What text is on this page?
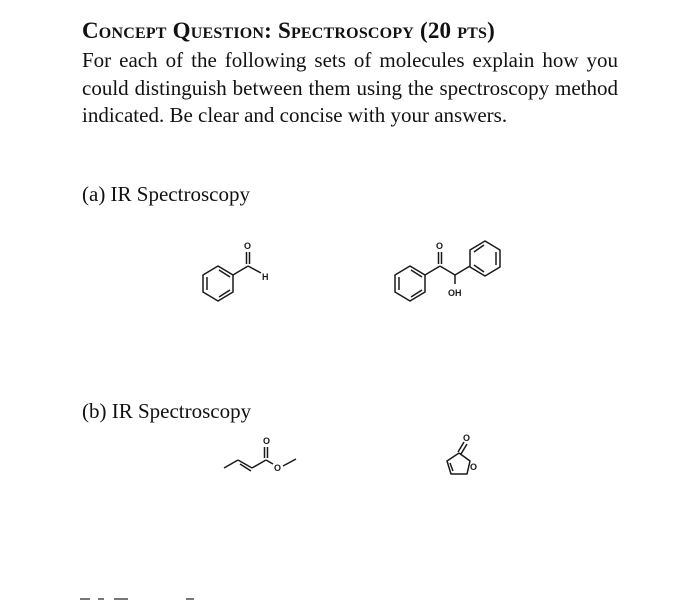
Concept Question: Spectroscopy (20 pts)
For each of the following sets of molecules explain how you could distinguish between them using the spectroscopy method indicated. Be clear and concise with your answers.
(a) IR Spectroscopy
O
H
O
OH
(b) IR Spectroscopy
O
O
O
O
